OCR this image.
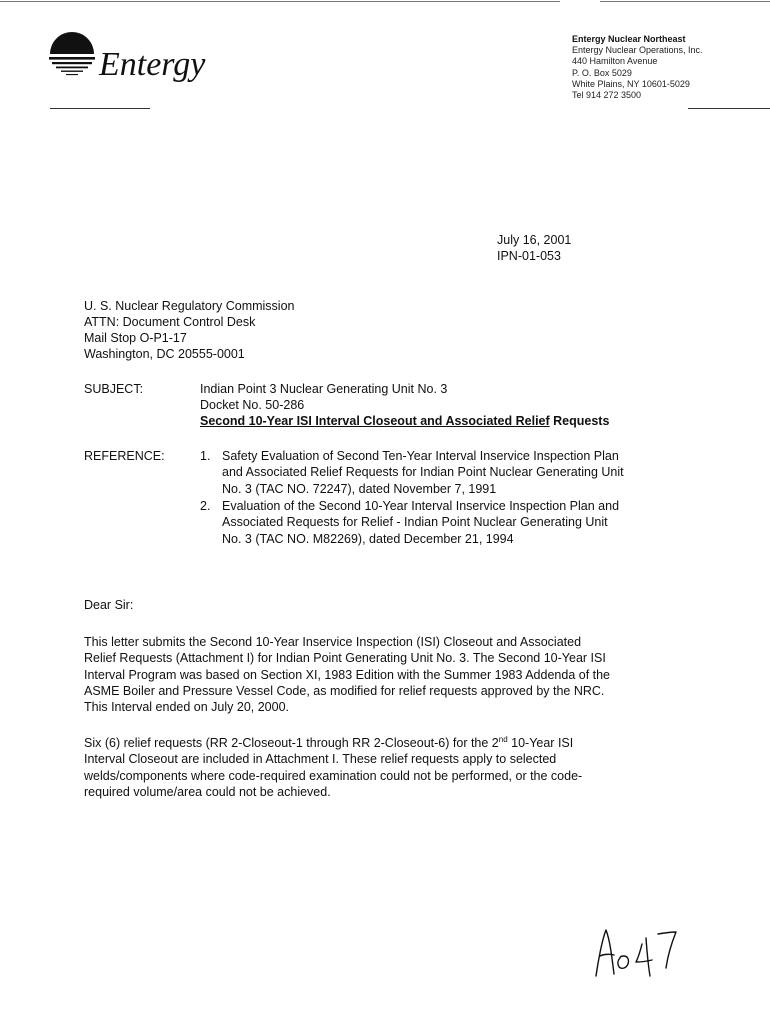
Entergy
Entergy Nuclear Northeast
Entergy Nuclear Operations, Inc.
440 Hamilton Avenue
P. O. Box 5029
White Plains, NY 10601-5029
Tel 914 272 3500
July 16, 2001
IPN-01-053
U. S. Nuclear Regulatory Commission
ATTN: Document Control Desk
Mail Stop O-P1-17
Washington, DC 20555-0001
SUBJECT:	Indian Point 3 Nuclear Generating Unit No. 3
Docket No. 50-286
Second 10-Year ISI Interval Closeout and Associated Relief Requests
REFERENCE:	1. Safety Evaluation of Second Ten-Year Interval Inservice Inspection Plan
and Associated Relief Requests for Indian Point Nuclear Generating Unit
No. 3 (TAC NO. 72247), dated November 7, 1991
2. Evaluation of the Second 10-Year Interval Inservice Inspection Plan and
Associated Requests for Relief - Indian Point Nuclear Generating Unit
No. 3 (TAC NO. M82269), dated December 21, 1994
Dear Sir:
This letter submits the Second 10-Year Inservice Inspection (ISI) Closeout and Associated
Relief Requests (Attachment I) for Indian Point Generating Unit No. 3. The Second 10-Year ISI
Interval Program was based on Section XI, 1983 Edition with the Summer 1983 Addenda of the
ASME Boiler and Pressure Vessel Code, as modified for relief requests approved by the NRC.
This Interval ended on July 20, 2000.
Six (6) relief requests (RR 2-Closeout-1 through RR 2-Closeout-6) for the 2nd 10-Year ISI
Interval Closeout are included in Attachment I. These relief requests apply to selected
welds/components where code-required examination could not be performed, or the code-
required volume/area could not be achieved.
